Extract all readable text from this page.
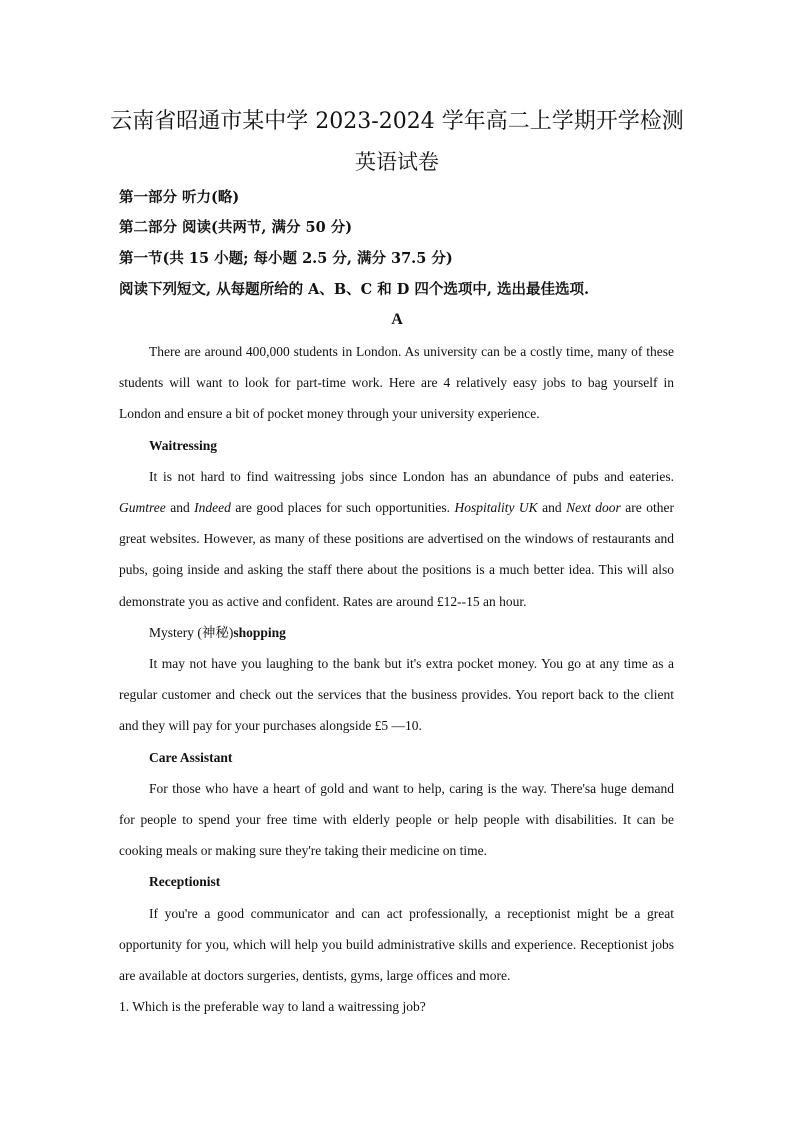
云南省昭通市某中学 2023-2024 学年高二上学期开学检测
英语试卷
第一部分 听力(略)
第二部分 阅读(共两节, 满分 50 分)
第一节(共 15 小题; 每小题 2.5 分, 满分 37.5 分)
阅读下列短文, 从每题所给的 A、B、C 和 D 四个选项中, 选出最佳选项.
A

There are around 400,000 students in London. As university can be a costly time, many of these students will want to look for part-time work. Here are 4 relatively easy jobs to bag yourself in London and ensure a bit of pocket money through your university experience.

Waitressing

It is not hard to find waitressing jobs since London has an abundance of pubs and eateries. Gumtree and Indeed are good places for such opportunities. Hospitality UK and Next door are other great websites. However, as many of these positions are advertised on the windows of restaurants and pubs, going inside and asking the staff there about the positions is a much better idea. This will also demonstrate you as active and confident. Rates are around £12--15 an hour.

Mystery (神秘)shopping

It may not have you laughing to the bank but it's extra pocket money. You go at any time as a regular customer and check out the services that the business provides. You report back to the client and they will pay for your purchases alongside £5 —10.

Care Assistant

For those who have a heart of gold and want to help, caring is the way. There'sa huge demand for people to spend your free time with elderly people or help people with disabilities. It can be cooking meals or making sure they're taking their medicine on time.

Receptionist

If you're a good communicator and can act professionally, a receptionist might be a great opportunity for you, which will help you build administrative skills and experience. Receptionist jobs are available at doctors surgeries, dentists, gyms, large offices and more.

1. Which is the preferable way to land a waitressing job?
